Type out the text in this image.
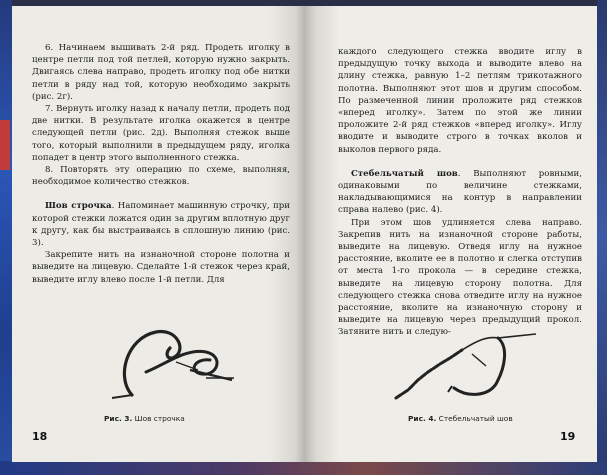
6. Начинаем вышивать 2-й ряд. Продеть иголку в центре петли под той петлей, которую нужно закрыть. Двигаясь слева направо, продеть иголку под обе нитки петли в ряду над той, которую необходимо закрыть (рис. 2г).

7. Вернуть иголку назад к началу петли, продеть под две нитки. В результате иголка окажется в центре следующей петли (рис. 2д). Выполняя стежок выше того, который выполнили в предыдущем ряду, иголка попадет в центр этого выполненного стежка.

8. Повторять эту операцию по схеме, выполняя, необходимое количество стежков.

Шов строчка. Напоминает машинную строчку, при которой стежки ложатся один за другим вплотную друг к другу, как бы выстраиваясь в сплошную линию (рис. 3).

Закрепите нить на изнаночной стороне полотна и выведите на лицевую. Сделайте 1-й стежок через край, выведите иглу влево после 1-й петли. Для

Рис. 3. Шов строчка
18

каждого следующего стежка вводите иглу в предыдущую точку выхода и выводите влево на длину стежка, равную 1–2 петлям трикотажного полотна. Выполняют этот шов и другим способом. По размеченной линии проложите ряд стежков «вперед иголку». Затем по этой же линии проложите 2-й ряд стежков «вперед иголку». Иглу вводите и выводите строго в точках вколов и выколов первого ряда.

Стебельчатый шов. Выполняют ровными, одинаковыми по величине стежками, накладывающимися на контур в направлении справа налево (рис. 4).

При этом шов удлиняется слева направо. Закрепив нить на изнаночной стороне работы, выведите на лицевую. Отведя иглу на нужное расстояние, вколите ее в полотно и слегка отступив от места 1-го прокола — в середине стежка, выведите на лицевую сторону полотна. Для следующего стежка снова отведите иглу на нужное расстояние, вколите на изнаночную сторону и выведите на лицевую через предыдущий прокол. Затяните нить и следую-

Рис. 4. Стебельчатый шов
19
